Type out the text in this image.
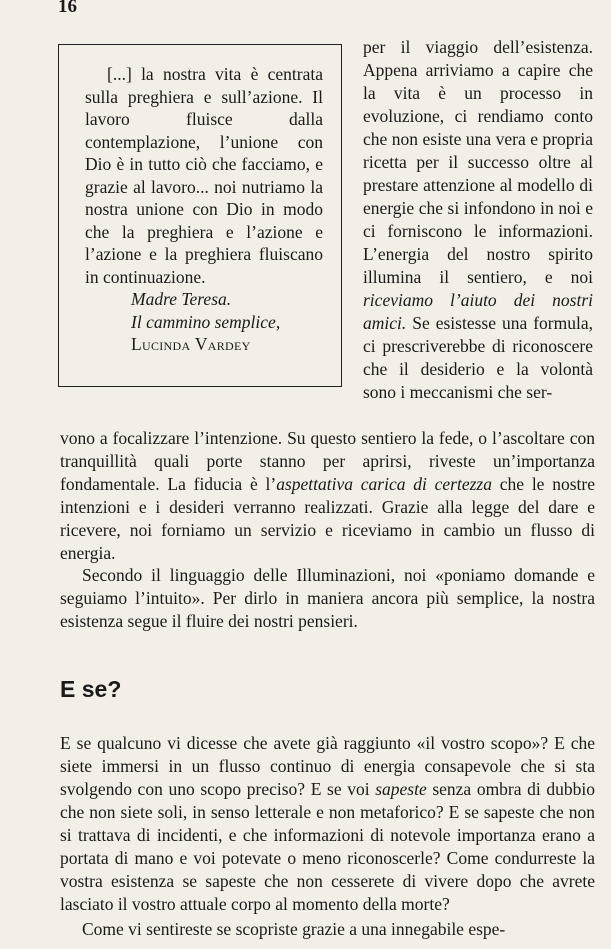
16

[...] la nostra vita è centrata sulla preghiera e sull’azione. Il lavoro fluisce dalla contemplazione, l’unione con Dio è in tutto ciò che facciamo, e grazie al lavoro... noi nutriamo la nostra unione con Dio in modo che la preghiera e l’azione e l’azione e la preghiera fluiscano in continuazione.

Madre Teresa.
Il cammino semplice,
Lucinda Vardey

per il viaggio dell’esistenza. Appena arriviamo a capire che la vita è un processo in evoluzione, ci rendiamo conto che non esiste una vera e propria ricetta per il successo oltre al prestare attenzione al modello di energie che si infondono in noi e ci forniscono le informazioni. L’energia del nostro spirito illumina il sentiero, e noi riceviamo l’aiuto dei nostri amici. Se esistesse una formula, ci prescriverebbe di riconoscere che il desiderio e la volontà sono i meccanismi che ser-

vono a focalizzare l’intenzione. Su questo sentiero la fede, o l’ascoltare con tranquillità quali porte stanno per aprirsi, riveste un’importanza fondamentale. La fiducia è l’aspettativa carica di certezza che le nostre intenzioni e i desideri verranno realizzati. Grazie alla legge del dare e ricevere, noi forniamo un servizio e riceviamo in cambio un flusso di energia.

Secondo il linguaggio delle Illuminazioni, noi «poniamo domande e seguiamo l’intuito». Per dirlo in maniera ancora più semplice, la nostra esistenza segue il fluire dei nostri pensieri.

E se?

E se qualcuno vi dicesse che avete già raggiunto «il vostro scopo»? E che siete immersi in un flusso continuo di energia consapevole che si sta svolgendo con uno scopo preciso? E se voi sapeste senza ombra di dubbio che non siete soli, in senso letterale e non metaforico? E se sapeste che non si trattava di incidenti, e che informazioni di notevole importanza erano a portata di mano e voi potevate o meno riconoscerle? Come condurreste la vostra esistenza se sapeste che non cesserete di vivere dopo che avrete lasciato il vostro attuale corpo al momento della morte?

Come vi sentireste se scopriste grazie a una innegabile espe-
